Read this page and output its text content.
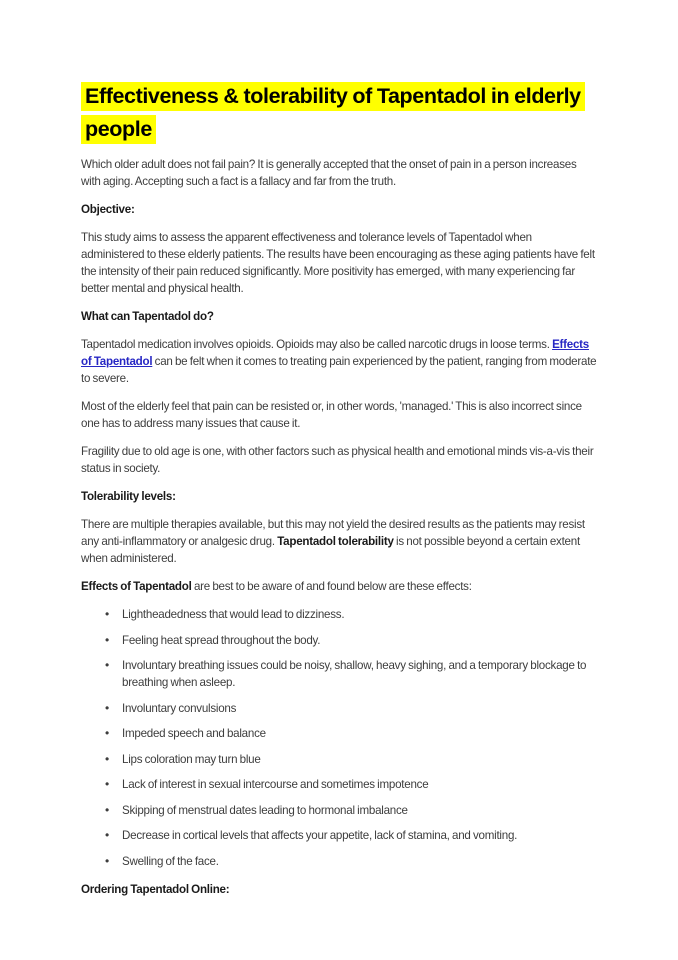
Effectiveness & tolerability of Tapentadol in elderly
people

Which older adult does not fail pain? It is generally accepted that the onset of pain in a person increases with aging. Accepting such a fact is a fallacy and far from the truth.

Objective:

This study aims to assess the apparent effectiveness and tolerance levels of Tapentadol when administered to these elderly patients. The results have been encouraging as these aging patients have felt the intensity of their pain reduced significantly. More positivity has emerged, with many experiencing far better mental and physical health.

What can Tapentadol do?

Tapentadol medication involves opioids. Opioids may also be called narcotic drugs in loose terms. Effects of Tapentadol can be felt when it comes to treating pain experienced by the patient, ranging from moderate to severe.

Most of the elderly feel that pain can be resisted or, in other words, 'managed.' This is also incorrect since one has to address many issues that cause it.

Fragility due to old age is one, with other factors such as physical health and emotional minds vis-a-vis their status in society.

Tolerability levels:

There are multiple therapies available, but this may not yield the desired results as the patients may resist any anti-inflammatory or analgesic drug. Tapentadol tolerability is not possible beyond a certain extent when administered.

Effects of Tapentadol are best to be aware of and found below are these effects:

• Lightheadedness that would lead to dizziness.
• Feeling heat spread throughout the body.
• Involuntary breathing issues could be noisy, shallow, heavy sighing, and a temporary blockage to breathing when asleep.
• Involuntary convulsions
• Impeded speech and balance
• Lips coloration may turn blue
• Lack of interest in sexual intercourse and sometimes impotence
• Skipping of menstrual dates leading to hormonal imbalance
• Decrease in cortical levels that affects your appetite, lack of stamina, and vomiting.
• Swelling of the face.
Ordering Tapentadol Online:
